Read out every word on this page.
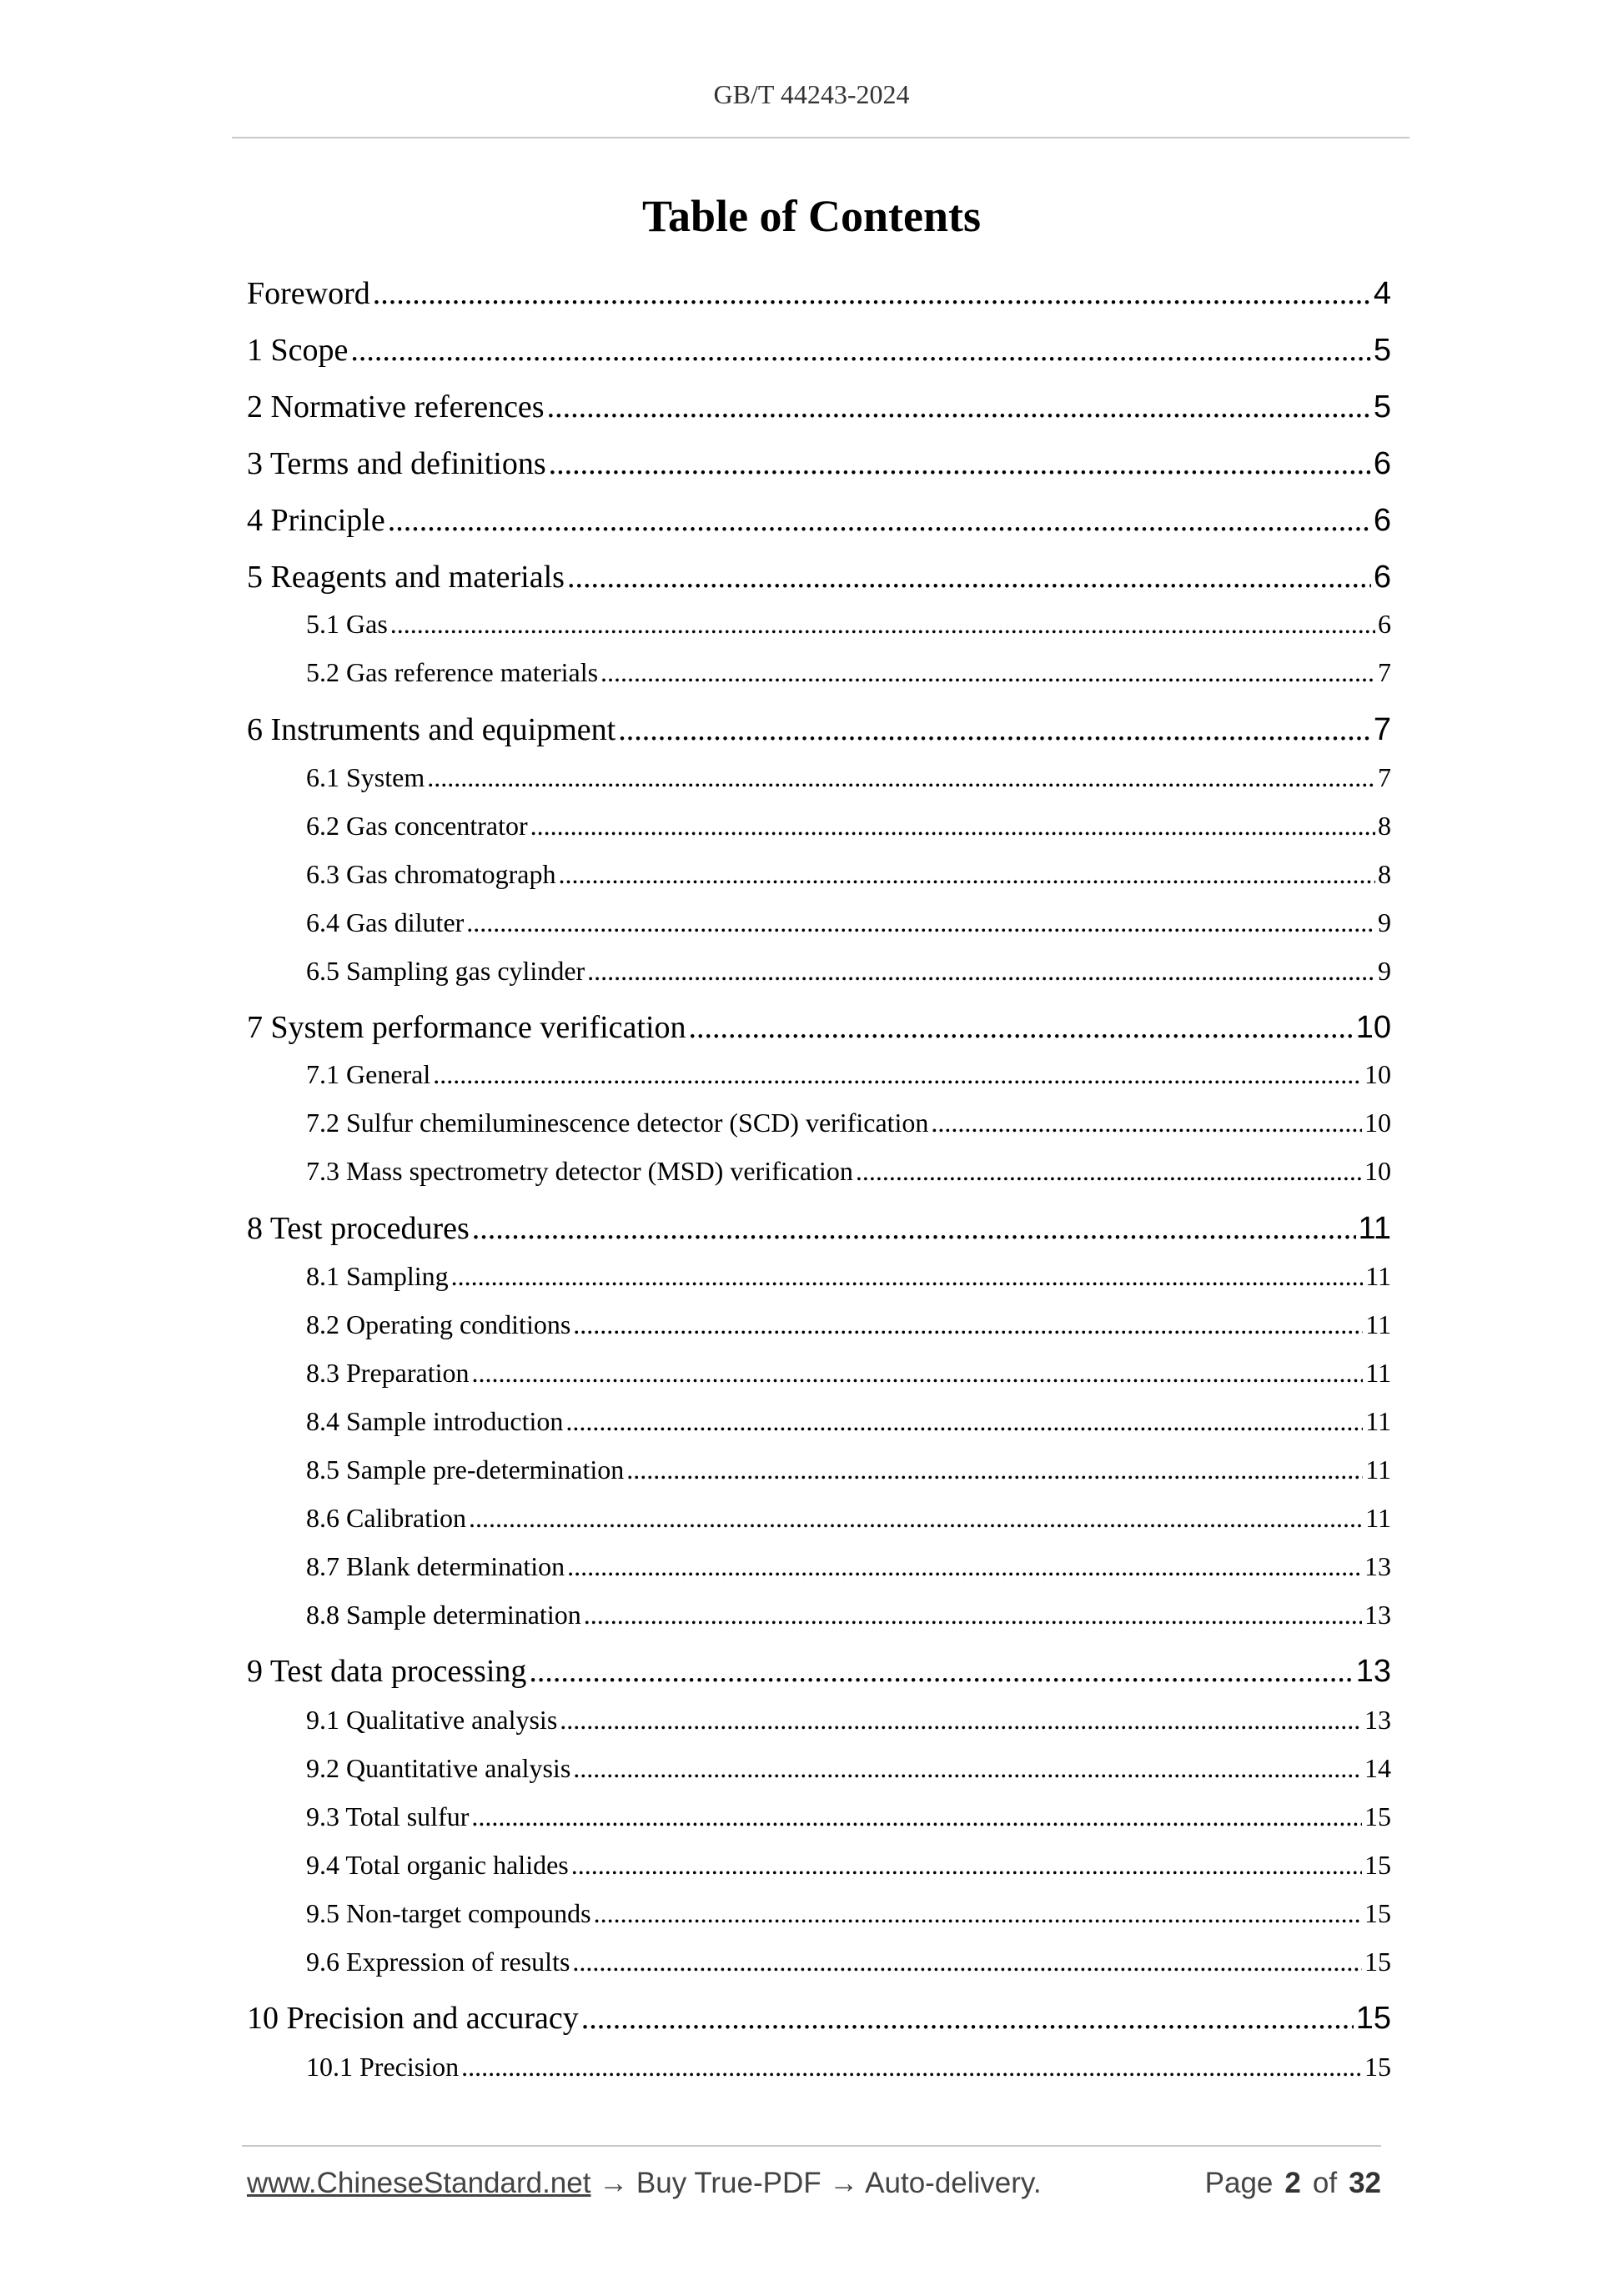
GB/T 44243-2024
Table of Contents
Foreword .....	4
1 Scope .....	5
2 Normative references .....	5
3 Terms and definitions .....	6
4 Principle .....	6
5 Reagents and materials .....	6
5.1 Gas .....	6
5.2 Gas reference materials .....	7
6 Instruments and equipment .....	7
6.1 System .....	7
6.2 Gas concentrator .....	8
6.3 Gas chromatograph .....	8
6.4 Gas diluter .....	9
6.5 Sampling gas cylinder .....	9
7 System performance verification .....	10
7.1 General .....	10
7.2 Sulfur chemiluminescence detector (SCD) verification .....	10
7.3 Mass spectrometry detector (MSD) verification .....	10
8 Test procedures .....	11
8.1 Sampling .....	11
8.2 Operating conditions .....	11
8.3 Preparation .....	11
8.4 Sample introduction .....	11
8.5 Sample pre-determination .....	11
8.6 Calibration .....	11
8.7 Blank determination .....	13
8.8 Sample determination .....	13
9 Test data processing .....	13
9.1 Qualitative analysis .....	13
9.2 Quantitative analysis .....	14
9.3 Total sulfur .....	15
9.4 Total organic halides .....	15
9.5 Non-target compounds .....	15
9.6 Expression of results .....	15
10 Precision and accuracy .....	15
10.1 Precision .....	15
www.ChineseStandard.net → Buy True-PDF → Auto-delivery.	Page 2 of 32
